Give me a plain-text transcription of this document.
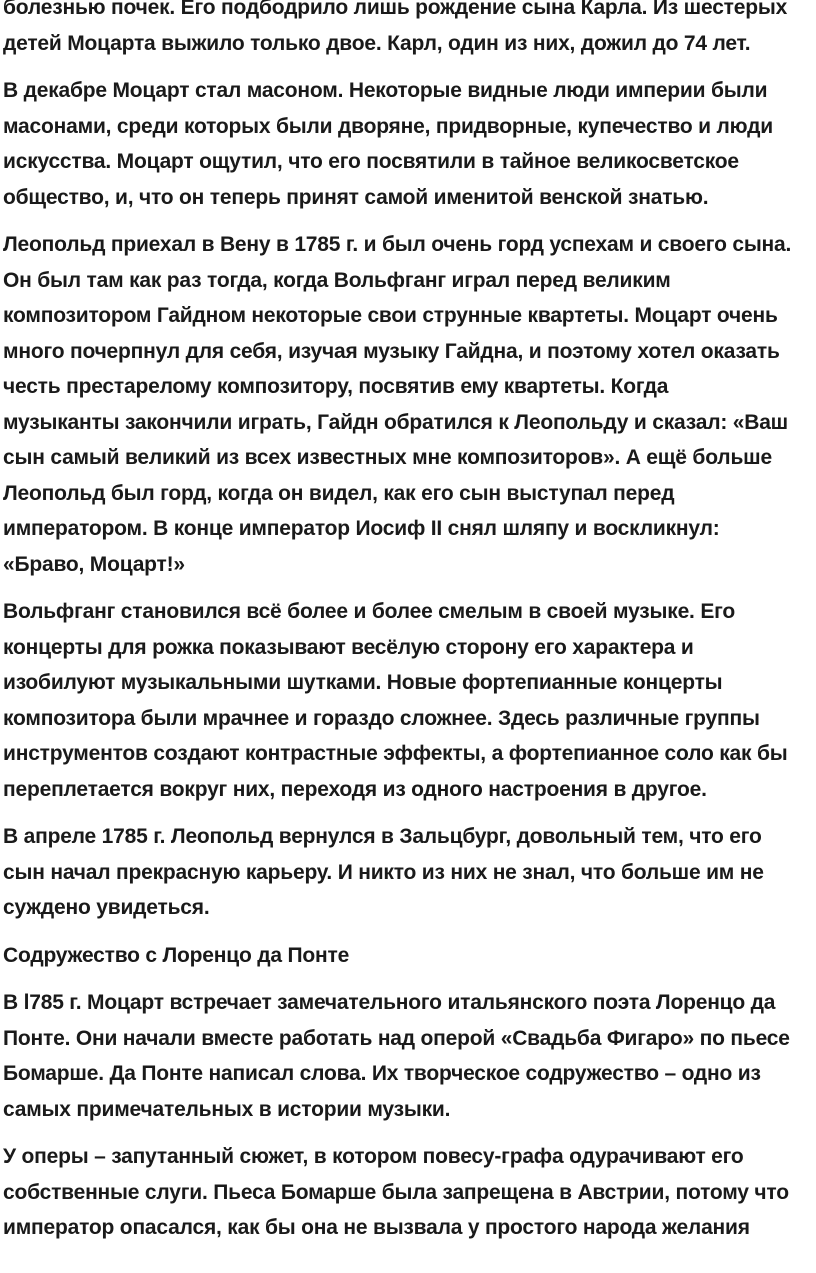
болезнью почек. Его подбодрило лишь рождение сына Карла. Из шестерых
детей Моцарта выжило только двое. Карл, один из них, дожил до 74 лет.

В декабре Моцарт стал масоном. Некоторые видные люди империи были
масонами, среди которых были дворяне, придворные, купечество и люди
искусства. Моцарт ощутил, что его посвятили в тайное великосветское
общество, и, что он теперь принят самой именитой венской знатью.

Леопольд приехал в Вену в 1785 г. и был очень горд успехам и своего сына.
Он был там как раз тогда, когда Вольфганг играл перед великим
композитором Гайдном некоторые свои струнные квартеты. Моцарт очень
много почерпнул для себя, изучая музыку Гайдна, и поэтому хотел оказать
честь престарелому композитору, посвятив ему квартеты. Когда
музыканты закончили играть, Гайдн обратился к Леопольду и сказал: «Ваш
сын самый великий из всех известных мне композиторов». А ещё больше
Леопольд был горд, когда он видел, как его сын выступал перед
императором. В конце император Иосиф II снял шляпу и воскликнул:
«Браво, Моцарт!»

Вольфганг становился всё более и более смелым в своей музыке. Его
концерты для рожка показывают весёлую сторону его характера и
изобилуют музыкальными шутками. Новые фортепианные концерты
композитора были мрачнее и гораздо сложнее. Здесь различные группы
инструментов создают контрастные эффекты, а фортепианное соло как бы
переплетается вокруг них, переходя из одного настроения в другое.

В апреле 1785 г. Леопольд вернулся в Зальцбург, довольный тем, что его
сын начал прекрасную карьеру. И никто из них не знал, что больше им не
суждено увидеться.

Содружество с Лоренцо да Понте

В l785 г. Моцарт встречает замечательного итальянского поэта Лоренцо да
Понте. Они начали вместе работать над оперой «Свадьба Фигаро» по пьесе
Бомарше. Да Понте написал слова. Их творческое содружество – одно из
самых примечательных в истории музыки.

У оперы – запутанный сюжет, в котором повесу-графа одурачивают его
собственные слуги. Пьеса Бомарше была запрещена в Австрии, потому что
император опасался, как бы она не вызвала у простого народа желания
